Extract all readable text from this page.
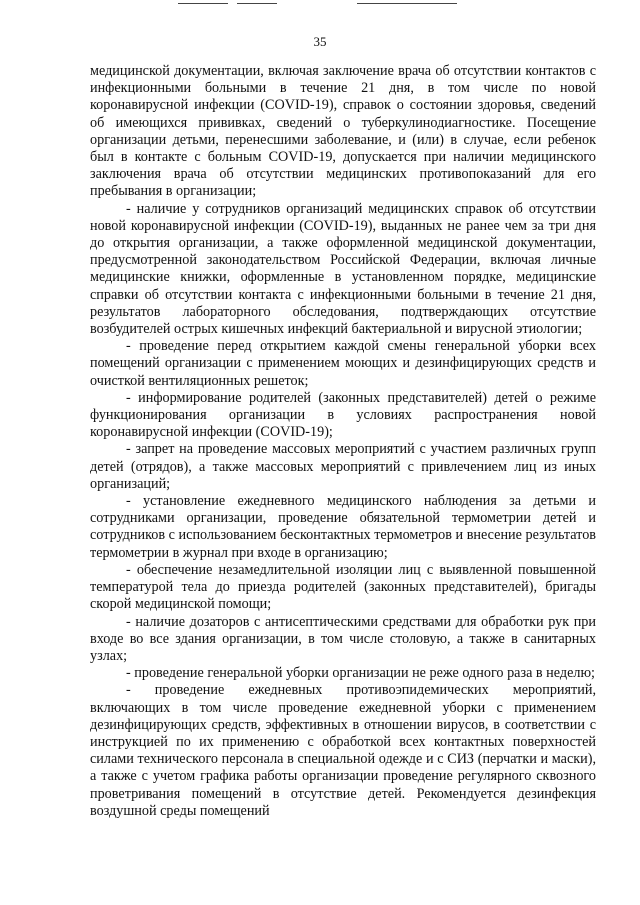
35

медицинской документации, включая заключение врача об отсутствии контактов с инфекционными больными в течение 21 дня, в том числе по новой коронавирусной инфекции (COVID-19), справок о состоянии здоровья, сведений об имеющихся прививках, сведений о туберкулинодиагностике. Посещение организации детьми, перенесшими заболевание, и (или) в случае, если ребенок был в контакте с больным COVID-19, допускается при наличии медицинского заключения врача об отсутствии медицинских противопоказаний для его пребывания в организации;

- наличие у сотрудников организаций медицинских справок об отсутствии новой коронавирусной инфекции (COVID-19), выданных не ранее чем за три дня до открытия организации, а также оформленной медицинской документации, предусмотренной законодательством Российской Федерации, включая личные медицинские книжки, оформленные в установленном порядке, медицинские справки об отсутствии контакта с инфекционными больными в течение 21 дня, результатов лабораторного обследования, подтверждающих отсутствие возбудителей острых кишечных инфекций бактериальной и вирусной этиологии;

- проведение перед открытием каждой смены генеральной уборки всех помещений организации с применением моющих и дезинфицирующих средств и очисткой вентиляционных решеток;

- информирование родителей (законных представителей) детей о режиме функционирования организации в условиях распространения новой коронавирусной инфекции (COVID-19);

- запрет на проведение массовых мероприятий с участием различных групп детей (отрядов), а также массовых мероприятий с привлечением лиц из иных организаций;

- установление ежедневного медицинского наблюдения за детьми и сотрудниками организации, проведение обязательной термометрии детей и сотрудников с использованием бесконтактных термометров и внесение результатов термометрии в журнал при входе в организацию;

- обеспечение незамедлительной изоляции лиц с выявленной повышенной температурой тела до приезда родителей (законных представителей), бригады скорой медицинской помощи;

- наличие дозаторов с антисептическими средствами для обработки рук при входе во все здания организации, в том числе столовую, а также в санитарных узлах;

- проведение генеральной уборки организации не реже одного раза в неделю;

- проведение ежедневных противоэпидемических мероприятий, включающих в том числе проведение ежедневной уборки с применением дезинфицирующих средств, эффективных в отношении вирусов, в соответствии с инструкцией по их применению с обработкой всех контактных поверхностей силами технического персонала в специальной одежде и с СИЗ (перчатки и маски), а также с учетом графика работы организации проведение регулярного сквозного проветривания помещений в отсутствие детей. Рекомендуется дезинфекция воздушной среды помещений
